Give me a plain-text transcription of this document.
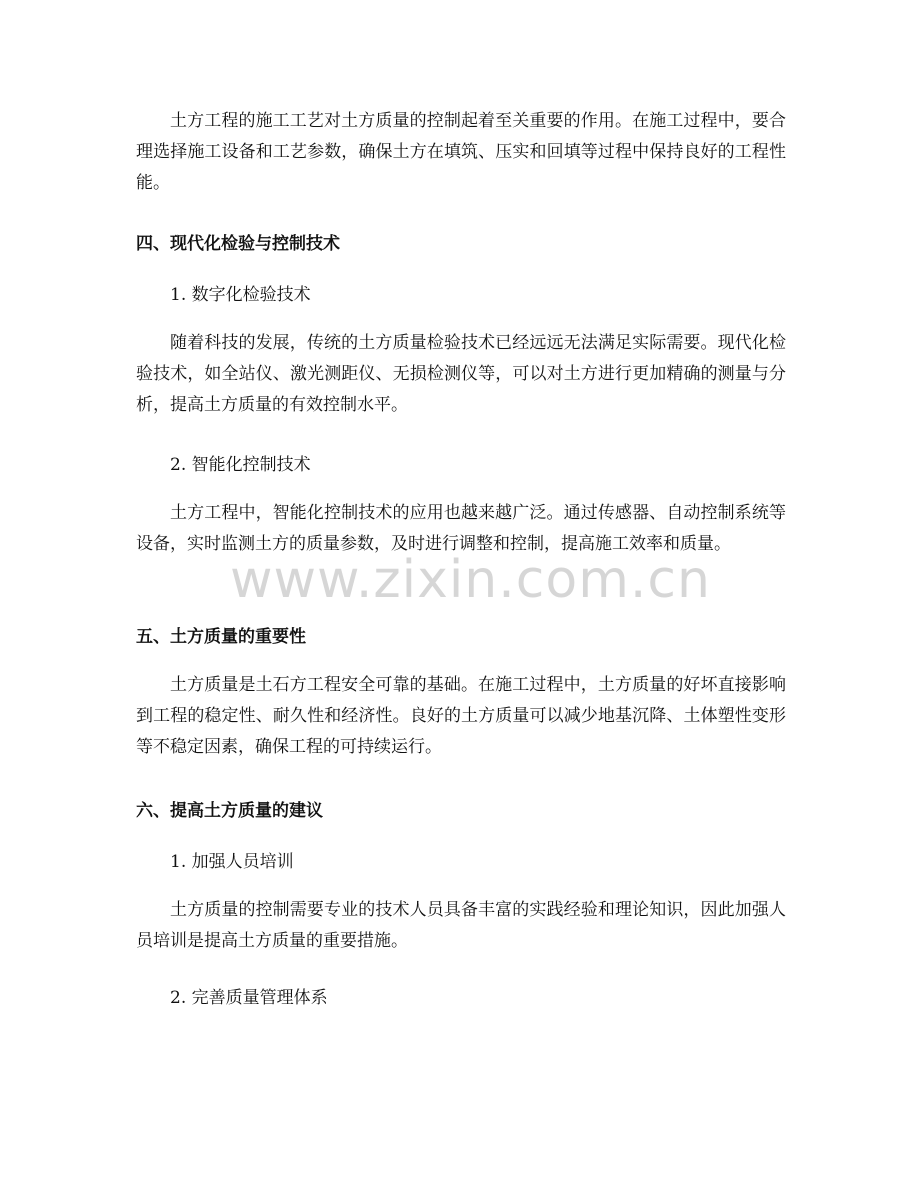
土方工程的施工工艺对土方质量的控制起着至关重要的作用。在施工过程中，要合理选择施工设备和工艺参数，确保土方在填筑、压实和回填等过程中保持良好的工程性能。

四、现代化检验与控制技术

1. 数字化检验技术

随着科技的发展，传统的土方质量检验技术已经远远无法满足实际需要。现代化检验技术，如全站仪、激光测距仪、无损检测仪等，可以对土方进行更加精确的测量与分析，提高土方质量的有效控制水平。

2. 智能化控制技术

土方工程中，智能化控制技术的应用也越来越广泛。通过传感器、自动控制系统等设备，实时监测土方的质量参数，及时进行调整和控制，提高施工效率和质量。

五、土方质量的重要性

土方质量是土石方工程安全可靠的基础。在施工过程中，土方质量的好坏直接影响到工程的稳定性、耐久性和经济性。良好的土方质量可以减少地基沉降、土体塑性变形等不稳定因素，确保工程的可持续运行。

六、提高土方质量的建议

1. 加强人员培训

土方质量的控制需要专业的技术人员具备丰富的实践经验和理论知识，因此加强人员培训是提高土方质量的重要措施。

2. 完善质量管理体系

www.zixin.com.cn
